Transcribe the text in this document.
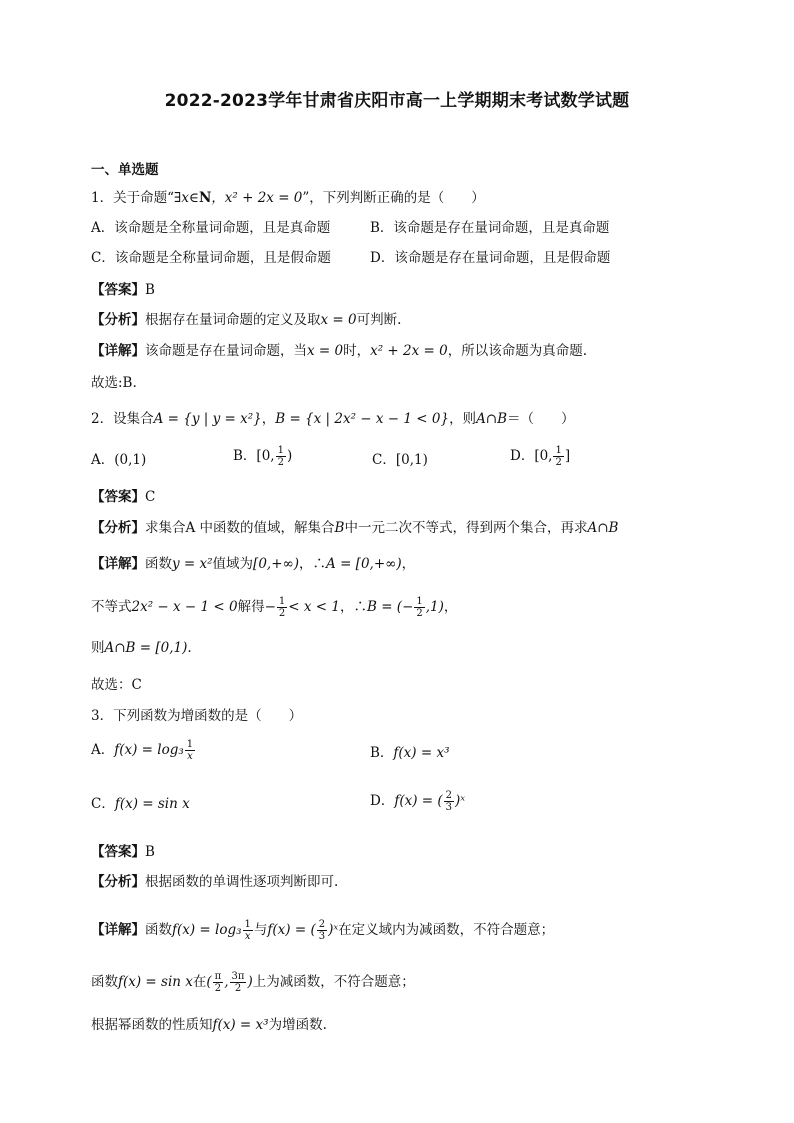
2022-2023学年甘肃省庆阳市高一上学期期末考试数学试题
一、单选题
1．关于命题“∃x∈N，x² + 2x = 0”，下列判断正确的是（　　）
A．该命题是全称量词命题，且是真命题	B．该命题是存在量词命题，且是真命题
C．该命题是全称量词命题，且是假命题	D．该命题是存在量词命题，且是假命题
【答案】B
【分析】根据存在量词命题的定义及取x = 0可判断.
【详解】该命题是存在量词命题，当x = 0时，x² + 2x = 0，所以该命题为真命题.
故选:B.
2．设集合A = {y | y = x²}，B = {x | 2x² − x − 1 < 0}，则A∩B＝（　　）
A．(0,1)	B．[0, $\frac{1}{2}$ )	C．[0,1)	D．[0, $\frac{1}{2}$ ]
【答案】C
【分析】求集合A 中函数的值域，解集合B中一元二次不等式，得到两个集合，再求A∩B
【详解】函数y = x²值域为[0,+∞)，∴A = [0,+∞)，
不等式2x² − x − 1 < 0解得− $\frac{1}{2} < x < 1$，∴B = (− $\frac{1}{2} ,1$)，
则A∩B = [0,1).
故选：C
3．下列函数为增函数的是（　　）
A．$f(x) = \log_3 \frac{1}{x}$	B．f(x) = x³
C．f(x) = sin x	D．f(x) = ( $\frac{2}{3}$ )ˣ
【答案】B
【分析】根据函数的单调性逐项判断即可.
【详解】函数$f(x) = \log_3 \frac{1}{x}$ 与f(x) = ( $\frac{2}{3}$ )ˣ在定义域内为减函数，不符合题意；
函数f(x) = sin x在( $\frac{\pi}{2}$ , $\frac{3\pi}{2}$ )上为减函数，不符合题意；
根据幂函数的性质知f(x) = x³为增函数.
